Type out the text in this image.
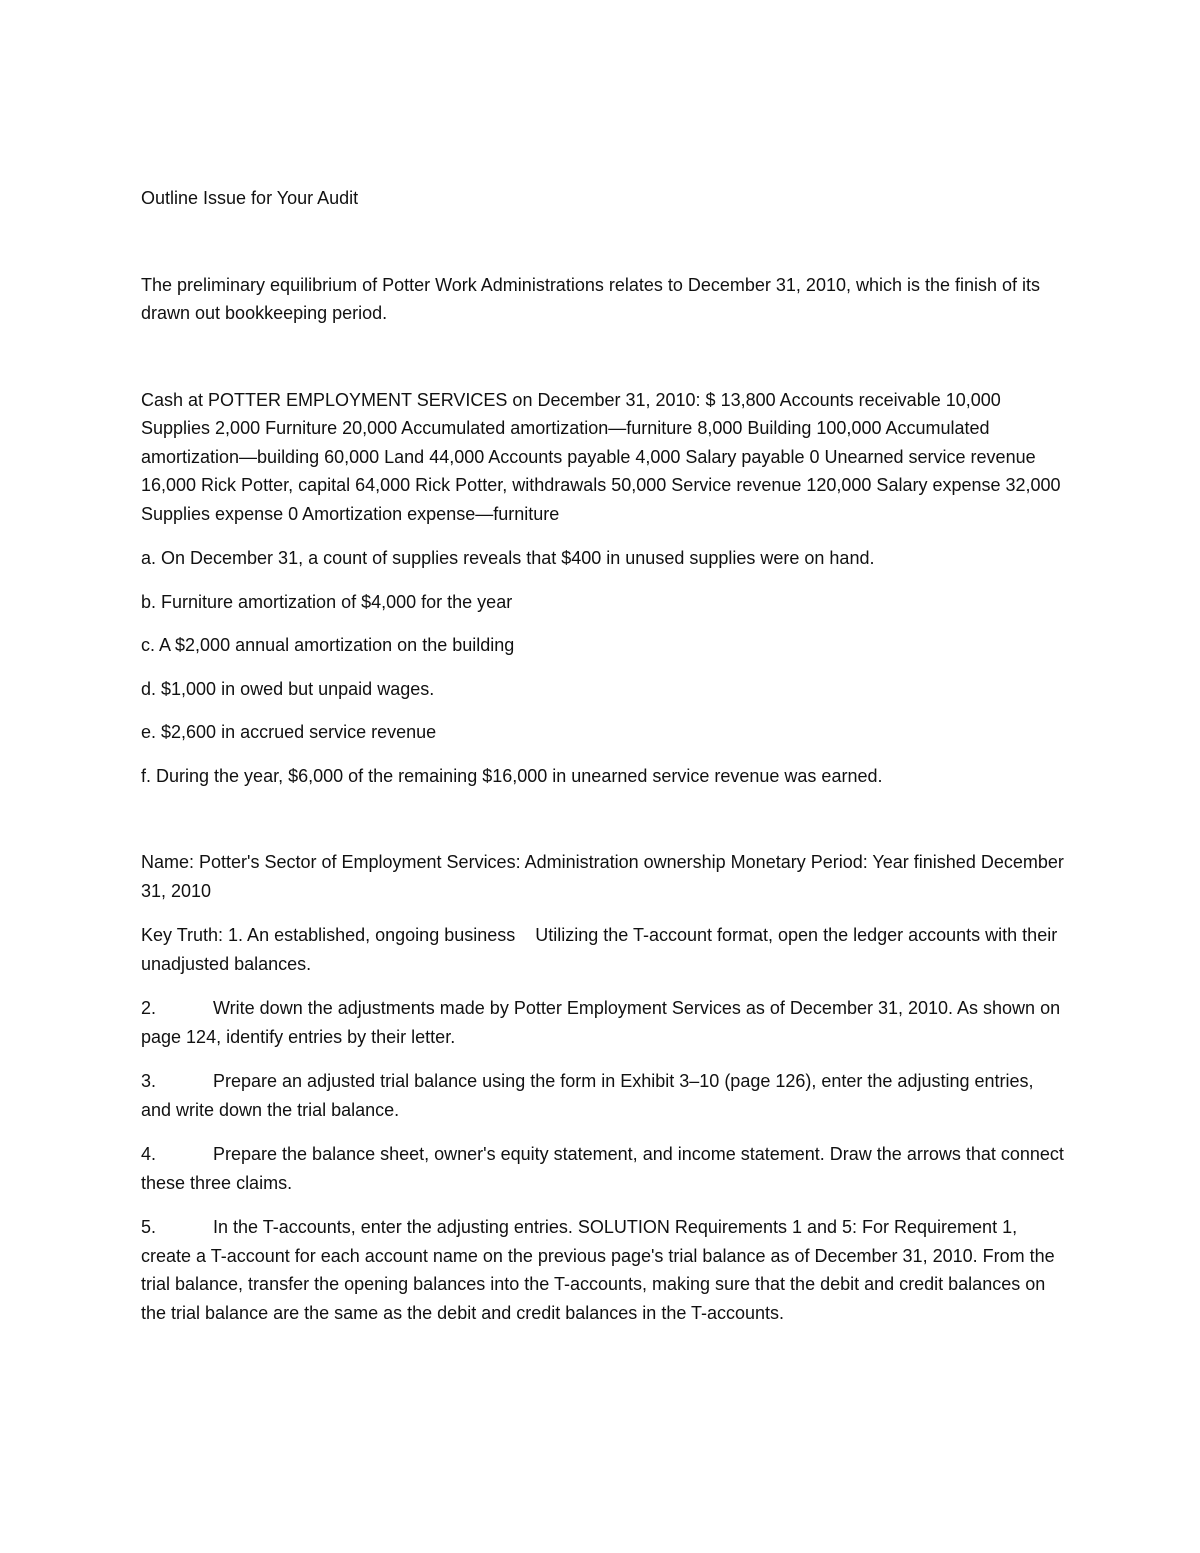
Outline Issue for Your Audit

The preliminary equilibrium of Potter Work Administrations relates to December 31, 2010, which is the finish of its drawn out bookkeeping period.

Cash at POTTER EMPLOYMENT SERVICES on December 31, 2010: $ 13,800 Accounts receivable 10,000 Supplies 2,000 Furniture 20,000 Accumulated amortization—furniture 8,000 Building 100,000 Accumulated amortization—building 60,000 Land 44,000 Accounts payable 4,000 Salary payable 0 Unearned service revenue 16,000 Rick Potter, capital 64,000 Rick Potter, withdrawals 50,000 Service revenue 120,000 Salary expense 32,000 Supplies expense 0 Amortization expense—furniture

a. On December 31, a count of supplies reveals that $400 in unused supplies were on hand.

b. Furniture amortization of $4,000 for the year

c. A $2,000 annual amortization on the building

d. $1,000 in owed but unpaid wages.

e. $2,600 in accrued service revenue

f. During the year, $6,000 of the remaining $16,000 in unearned service revenue was earned.

Name: Potter's Sector of Employment Services: Administration ownership Monetary Period: Year finished December 31, 2010

Key Truth: 1. An established, ongoing business    Utilizing the T-account format, open the ledger accounts with their unadjusted balances.

2.	Write down the adjustments made by Potter Employment Services as of December 31, 2010. As shown on page 124, identify entries by their letter.

3.	Prepare an adjusted trial balance using the form in Exhibit 3–10 (page 126), enter the adjusting entries, and write down the trial balance.

4.	Prepare the balance sheet, owner's equity statement, and income statement. Draw the arrows that connect these three claims.

5.	In the T-accounts, enter the adjusting entries. SOLUTION Requirements 1 and 5: For Requirement 1, create a T-account for each account name on the previous page's trial balance as of December 31, 2010. From the trial balance, transfer the opening balances into the T-accounts, making sure that the debit and credit balances on the trial balance are the same as the debit and credit balances in the T-accounts.
